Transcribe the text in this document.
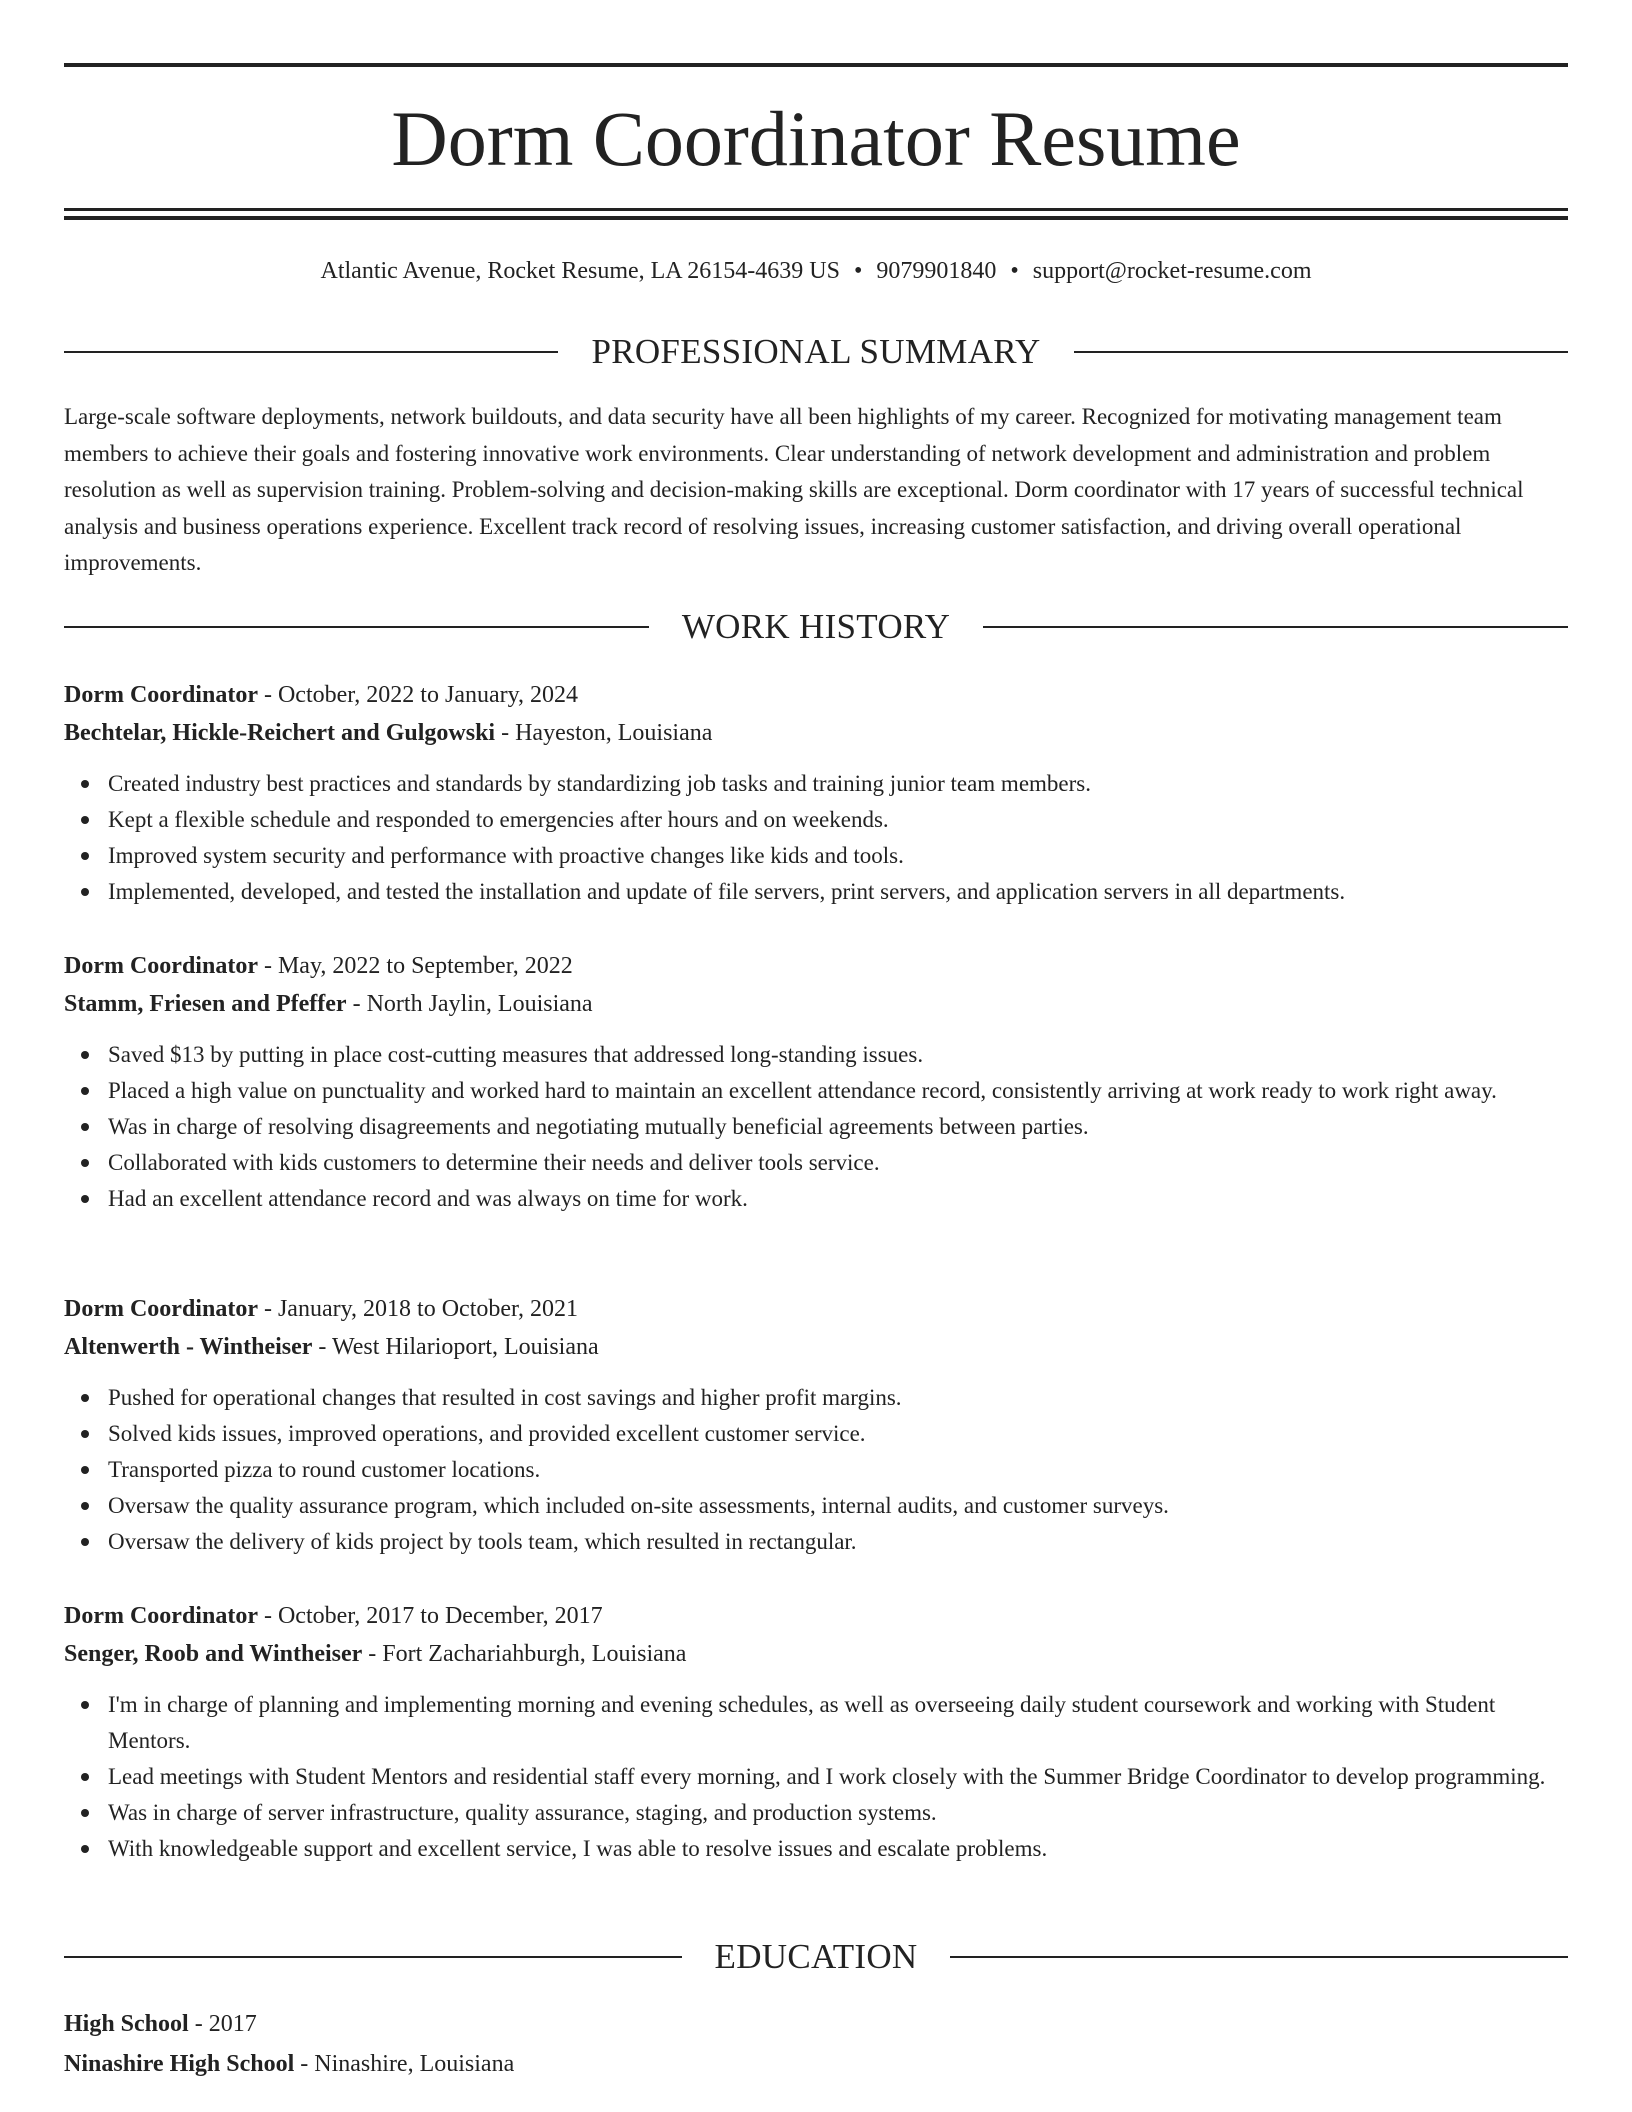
Dorm Coordinator Resume
Atlantic Avenue, Rocket Resume, LA 26154-4639 US • 9079901840 • support@rocket-resume.com
PROFESSIONAL SUMMARY
Large-scale software deployments, network buildouts, and data security have all been highlights of my career. Recognized for motivating management team members to achieve their goals and fostering innovative work environments. Clear understanding of network development and administration and problem resolution as well as supervision training. Problem-solving and decision-making skills are exceptional. Dorm coordinator with 17 years of successful technical analysis and business operations experience. Excellent track record of resolving issues, increasing customer satisfaction, and driving overall operational improvements.
WORK HISTORY
Dorm Coordinator - October, 2022 to January, 2024
Bechtelar, Hickle-Reichert and Gulgowski - Hayeston, Louisiana
Created industry best practices and standards by standardizing job tasks and training junior team members.
Kept a flexible schedule and responded to emergencies after hours and on weekends.
Improved system security and performance with proactive changes like kids and tools.
Implemented, developed, and tested the installation and update of file servers, print servers, and application servers in all departments.
Dorm Coordinator - May, 2022 to September, 2022
Stamm, Friesen and Pfeffer - North Jaylin, Louisiana
Saved $13 by putting in place cost-cutting measures that addressed long-standing issues.
Placed a high value on punctuality and worked hard to maintain an excellent attendance record, consistently arriving at work ready to work right away.
Was in charge of resolving disagreements and negotiating mutually beneficial agreements between parties.
Collaborated with kids customers to determine their needs and deliver tools service.
Had an excellent attendance record and was always on time for work.
Dorm Coordinator - January, 2018 to October, 2021
Altenwerth - Wintheiser - West Hilarioport, Louisiana
Pushed for operational changes that resulted in cost savings and higher profit margins.
Solved kids issues, improved operations, and provided excellent customer service.
Transported pizza to round customer locations.
Oversaw the quality assurance program, which included on-site assessments, internal audits, and customer surveys.
Oversaw the delivery of kids project by tools team, which resulted in rectangular.
Dorm Coordinator - October, 2017 to December, 2017
Senger, Roob and Wintheiser - Fort Zachariahburgh, Louisiana
I'm in charge of planning and implementing morning and evening schedules, as well as overseeing daily student coursework and working with Student Mentors.
Lead meetings with Student Mentors and residential staff every morning, and I work closely with the Summer Bridge Coordinator to develop programming.
Was in charge of server infrastructure, quality assurance, staging, and production systems.
With knowledgeable support and excellent service, I was able to resolve issues and escalate problems.
EDUCATION
High School - 2017
Ninashire High School - Ninashire, Louisiana
